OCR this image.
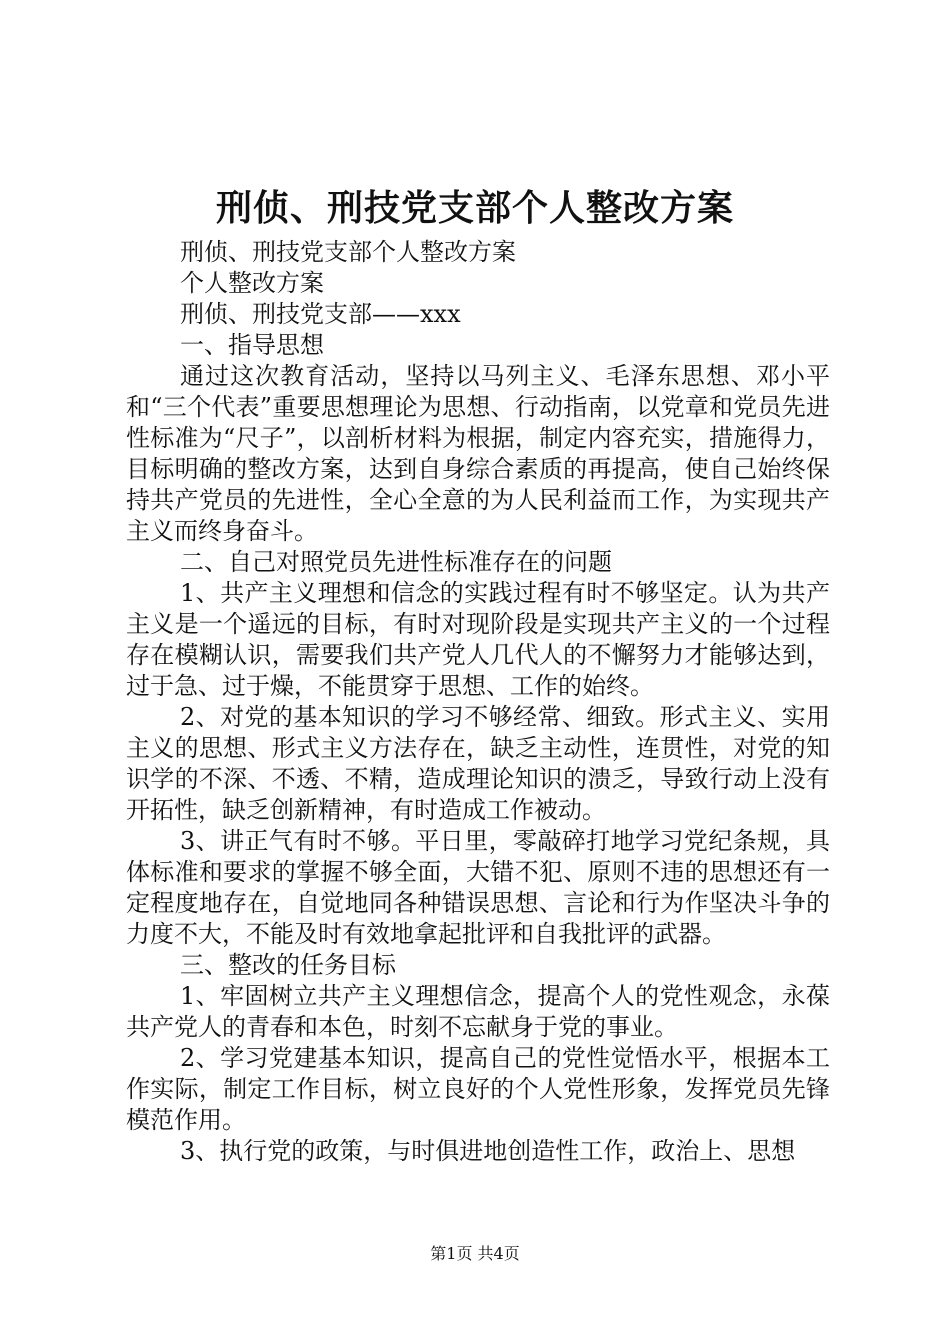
刑侦、刑技党支部个人整改方案
刑侦、刑技党支部个人整改方案
个人整改方案
刑侦、刑技党支部——xxx
一、指导思想

通过这次教育活动，坚持以马列主义、毛泽东思想、邓小平和“三个代表”重要思想理论为思想、行动指南，以党章和党员先进性标准为“尺子”，以剖析材料为根据，制定内容充实，措施得力，目标明确的整改方案，达到自身综合素质的再提高，使自己始终保持共产党员的先进性，全心全意的为人民利益而工作，为实现共产主义而终身奋斗。

二、自己对照党员先进性标准存在的问题

1、共产主义理想和信念的实践过程有时不够坚定。认为共产主义是一个遥远的目标，有时对现阶段是实现共产主义的一个过程存在模糊认识，需要我们共产党人几代人的不懈努力才能够达到，过于急、过于燥，不能贯穿于思想、工作的始终。

2、对党的基本知识的学习不够经常、细致。形式主义、实用主义的思想、形式主义方法存在，缺乏主动性，连贯性，对党的知识学的不深、不透、不精，造成理论知识的溃乏，导致行动上没有开拓性，缺乏创新精神，有时造成工作被动。

3、讲正气有时不够。平日里，零敲碎打地学习党纪条规，具体标准和要求的掌握不够全面，大错不犯、原则不违的思想还有一定程度地存在，自觉地同各种错误思想、言论和行为作坚决斗争的力度不大，不能及时有效地拿起批评和自我批评的武器。

三、整改的任务目标

1、牢固树立共产主义理想信念，提高个人的党性观念，永葆共产党人的青春和本色，时刻不忘献身于党的事业。

2、学习党建基本知识，提高自己的党性觉悟水平，根据本工作实际，制定工作目标，树立良好的个人党性形象，发挥党员先锋模范作用。

3、执行党的政策，与时俱进地创造性工作，政治上、思想

第1页 共4页
